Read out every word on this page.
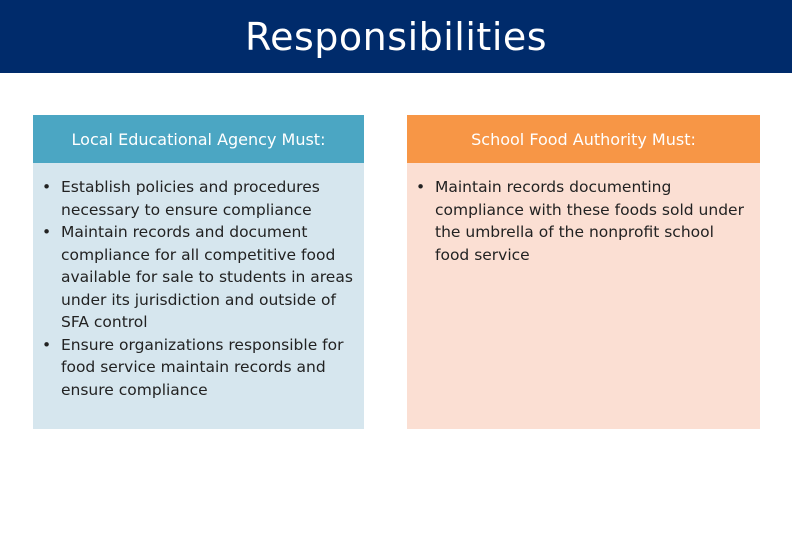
Responsibilities
Local Educational Agency Must:
• Establish policies and procedures necessary to ensure compliance
• Maintain records and document compliance for all competitive food available for sale to students in areas under its jurisdiction and outside of SFA control
• Ensure organizations responsible for food service maintain records and ensure compliance
School Food Authority Must:
• Maintain records documenting compliance with these foods sold under the umbrella of the nonprofit school food service
